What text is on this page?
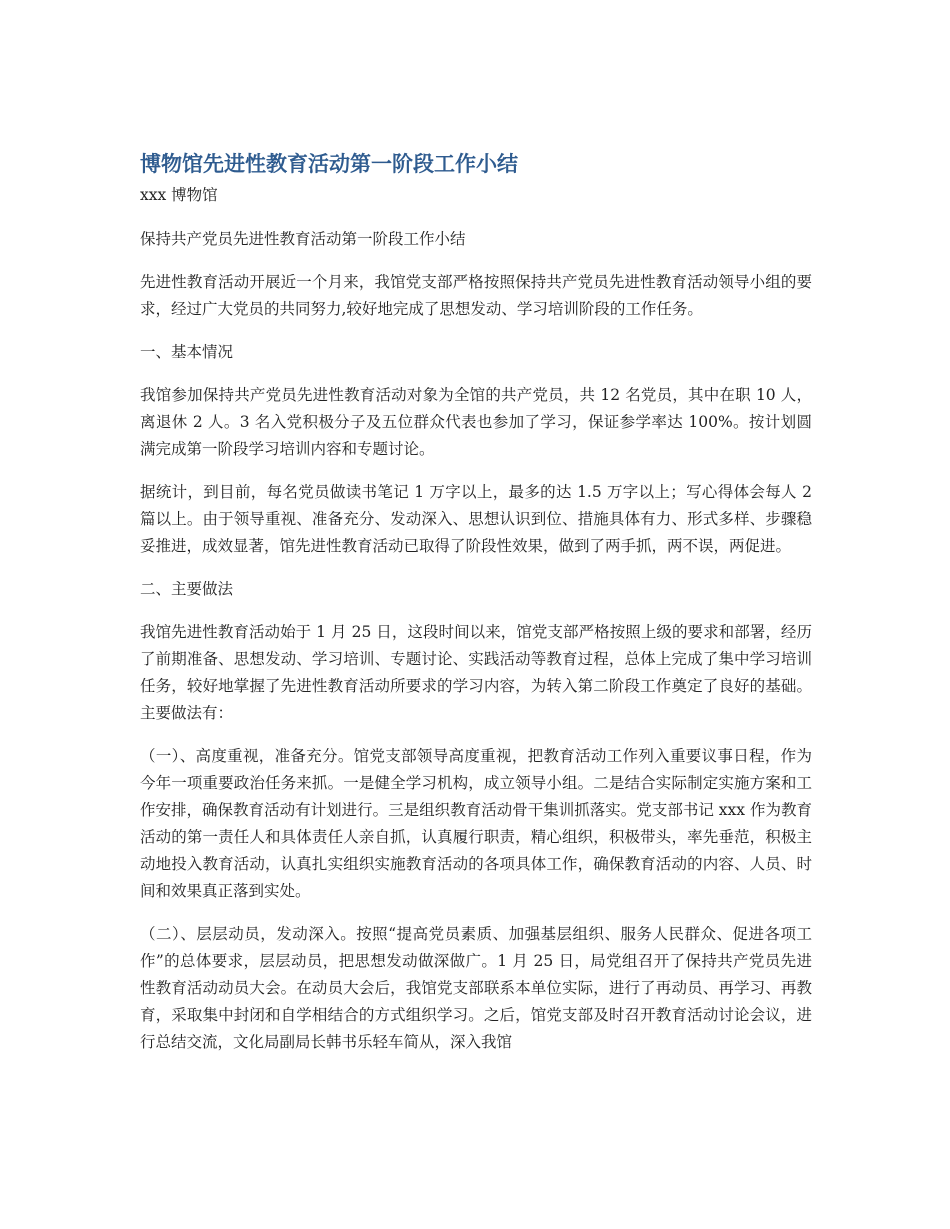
博物馆先进性教育活动第一阶段工作小结
xxx 博物馆

保持共产党员先进性教育活动第一阶段工作小结

先进性教育活动开展近一个月来，我馆党支部严格按照保持共产党员先进性教育活动领导小组的要求，经过广大党员的共同努力,较好地完成了思想发动、学习培训阶段的工作任务。

一、基本情况

我馆参加保持共产党员先进性教育活动对象为全馆的共产党员，共 12 名党员，其中在职 10 人，离退休 2 人。3 名入党积极分子及五位群众代表也参加了学习，保证参学率达 100%。按计划圆满完成第一阶段学习培训内容和专题讨论。

据统计，到目前，每名党员做读书笔记 1 万字以上，最多的达 1.5 万字以上；写心得体会每人 2 篇以上。由于领导重视、准备充分、发动深入、思想认识到位、措施具体有力、形式多样、步骤稳妥推进，成效显著，馆先进性教育活动已取得了阶段性效果，做到了两手抓，两不误，两促进。

二、主要做法

我馆先进性教育活动始于 1 月 25 日，这段时间以来，馆党支部严格按照上级的要求和部署，经历了前期准备、思想发动、学习培训、专题讨论、实践活动等教育过程，总体上完成了集中学习培训任务，较好地掌握了先进性教育活动所要求的学习内容，为转入第二阶段工作奠定了良好的基础。主要做法有：

（一）、高度重视，准备充分。馆党支部领导高度重视，把教育活动工作列入重要议事日程，作为今年一项重要政治任务来抓。一是健全学习机构，成立领导小组。二是结合实际制定实施方案和工作安排，确保教育活动有计划进行。三是组织教育活动骨干集训抓落实。党支部书记 xxx 作为教育活动的第一责任人和具体责任人亲自抓，认真履行职责，精心组织，积极带头，率先垂范，积极主动地投入教育活动，认真扎实组织实施教育活动的各项具体工作，确保教育活动的内容、人员、时间和效果真正落到实处。

（二）、层层动员，发动深入。按照“提高党员素质、加强基层组织、服务人民群众、促进各项工作”的总体要求，层层动员，把思想发动做深做广。1 月 25 日，局党组召开了保持共产党员先进性教育活动动员大会。在动员大会后，我馆党支部联系本单位实际，进行了再动员、再学习、再教育，采取集中封闭和自学相结合的方式组织学习。之后，馆党支部及时召开教育活动讨论会议，进行总结交流，文化局副局长韩书乐轻车简从，深入我馆
